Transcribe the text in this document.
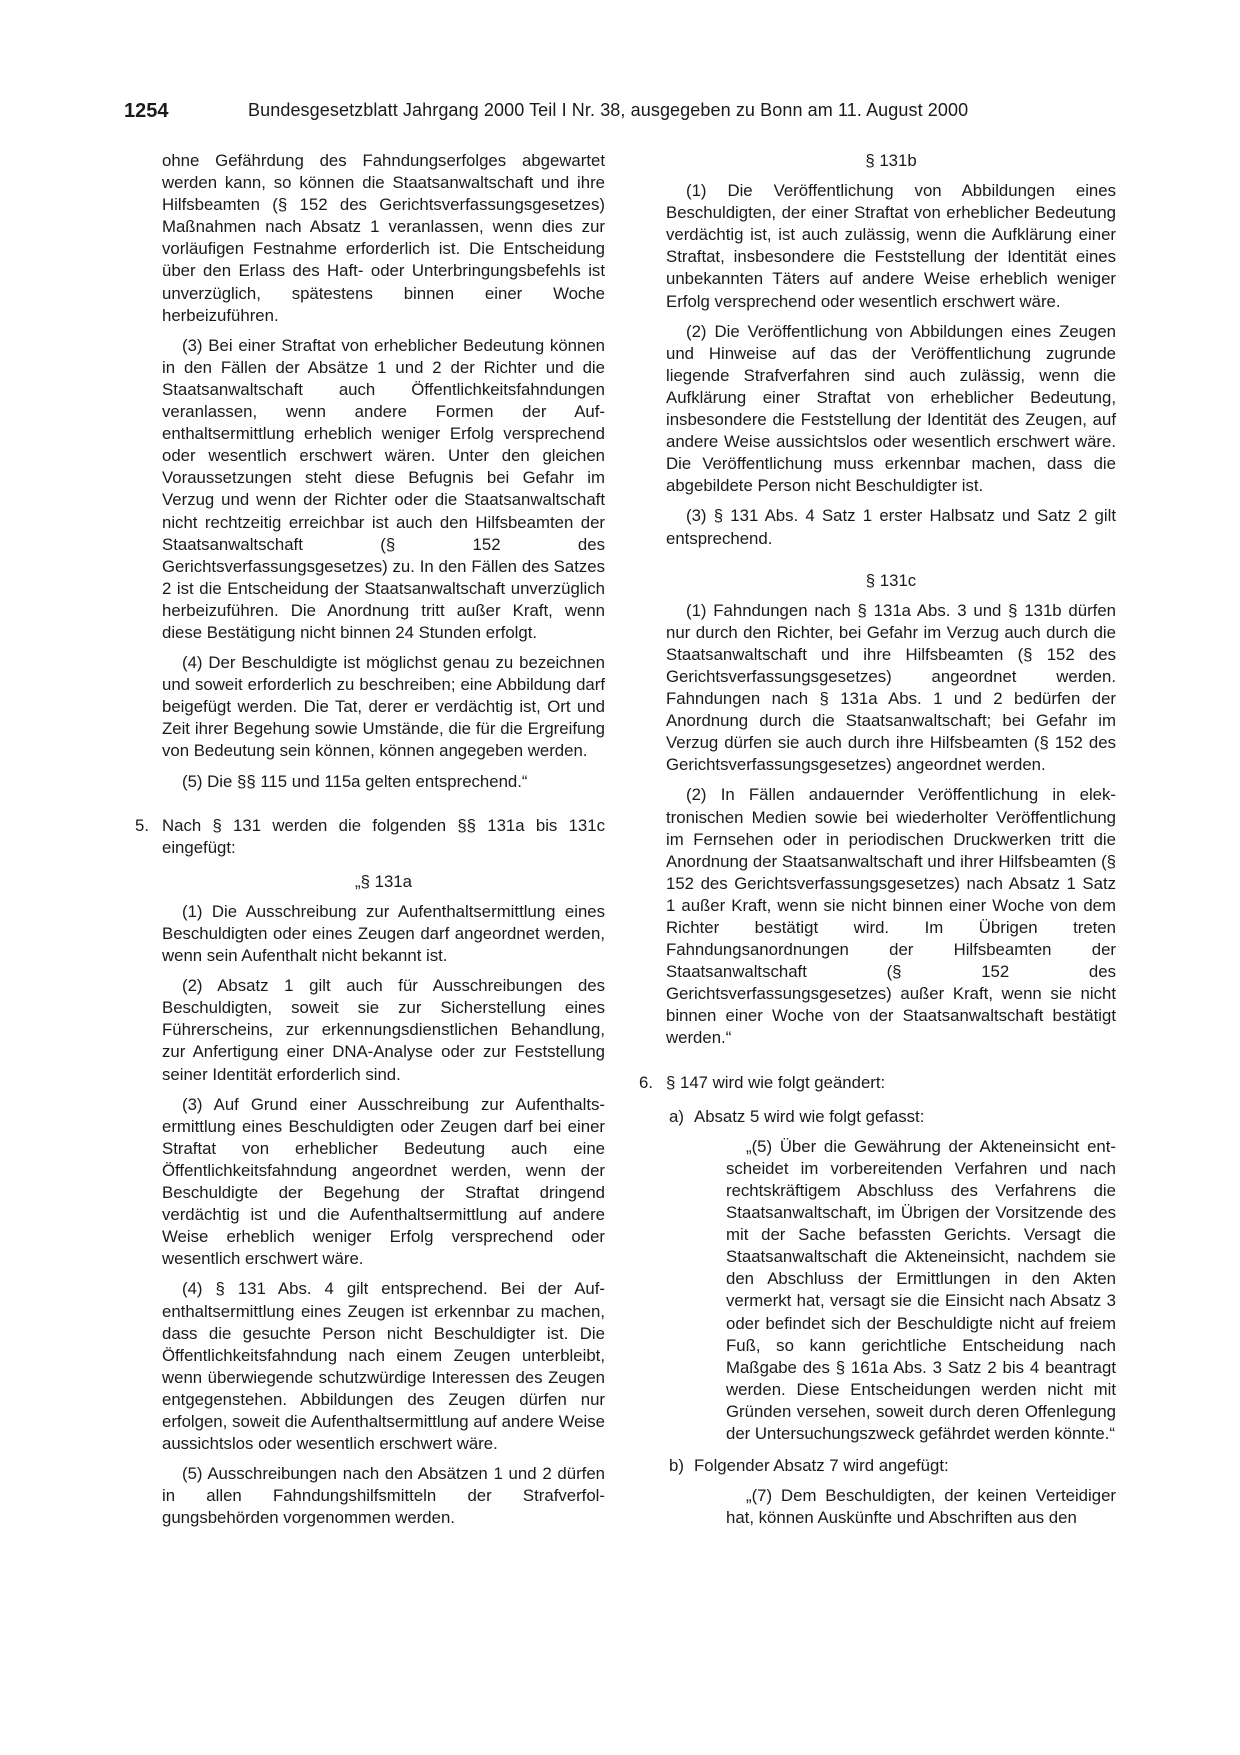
1254	Bundesgesetzblatt Jahrgang 2000 Teil I Nr. 38, ausgegeben zu Bonn am 11. August 2000

ohne Gefährdung des Fahndungserfolges abgewartet werden kann, so können die Staatsanwaltschaft und ihre Hilfsbeamten (§ 152 des Gerichtsverfassungsgesetzes) Maßnahmen nach Absatz 1 veranlassen, wenn dies zur vorläufigen Festnahme erforderlich ist. Die Entscheidung über den Erlass des Haft- oder Unterbringungsbefehls ist unverzüglich, spätestens binnen einer Woche herbeizuführen.

(3) Bei einer Straftat von erheblicher Bedeutung können in den Fällen der Absätze 1 und 2 der Richter und die Staatsanwaltschaft auch Öffentlichkeitsfahndungen veranlassen, wenn andere Formen der Aufenthaltsermittlung erheblich weniger Erfolg versprechend oder wesentlich erschwert wären. Unter den gleichen Voraussetzungen steht diese Befugnis bei Gefahr im Verzug und wenn der Richter oder die Staatsanwaltschaft nicht rechtzeitig erreichbar ist auch den Hilfsbeamten der Staatsanwaltschaft (§ 152 des Gerichtsverfassungsgesetzes) zu. In den Fällen des Satzes 2 ist die Entscheidung der Staatsanwaltschaft unverzüglich herbeizuführen. Die Anordnung tritt außer Kraft, wenn diese Bestätigung nicht binnen 24 Stunden erfolgt.

(4) Der Beschuldigte ist möglichst genau zu bezeichnen und soweit erforderlich zu beschreiben; eine Abbildung darf beigefügt werden. Die Tat, derer er verdächtig ist, Ort und Zeit ihrer Begehung sowie Umstände, die für die Ergreifung von Bedeutung sein können, können angegeben werden.

(5) Die §§ 115 und 115a gelten entsprechend.“

5. Nach § 131 werden die folgenden §§ 131a bis 131c eingefügt:

„§ 131a

(1) Die Ausschreibung zur Aufenthaltsermittlung eines Beschuldigten oder eines Zeugen darf angeordnet werden, wenn sein Aufenthalt nicht bekannt ist.

(2) Absatz 1 gilt auch für Ausschreibungen des Beschuldigten, soweit sie zur Sicherstellung eines Führerscheins, zur erkennungsdienstlichen Behandlung, zur Anfertigung einer DNA-Analyse oder zur Feststellung seiner Identität erforderlich sind.

(3) Auf Grund einer Ausschreibung zur Aufenthaltsermittlung eines Beschuldigten oder Zeugen darf bei einer Straftat von erheblicher Bedeutung auch eine Öffentlichkeitsfahndung angeordnet werden, wenn der Beschuldigte der Begehung der Straftat dringend verdächtig ist und die Aufenthaltsermittlung auf andere Weise erheblich weniger Erfolg versprechend oder wesentlich erschwert wäre.

(4) § 131 Abs. 4 gilt entsprechend. Bei der Aufenthaltsermittlung eines Zeugen ist erkennbar zu machen, dass die gesuchte Person nicht Beschuldigter ist. Die Öffentlichkeitsfahndung nach einem Zeugen unterbleibt, wenn überwiegende schutzwürdige Interessen des Zeugen entgegenstehen. Abbildungen des Zeugen dürfen nur erfolgen, soweit die Aufenthaltsermittlung auf andere Weise aussichtslos oder wesentlich erschwert wäre.

(5) Ausschreibungen nach den Absätzen 1 und 2 dürfen in allen Fahndungshilfsmitteln der Strafverfolgungsbehörden vorgenommen werden.

§ 131b

(1) Die Veröffentlichung von Abbildungen eines Beschuldigten, der einer Straftat von erheblicher Bedeutung verdächtig ist, ist auch zulässig, wenn die Aufklärung einer Straftat, insbesondere die Feststellung der Identität eines unbekannten Täters auf andere Weise erheblich weniger Erfolg versprechend oder wesentlich erschwert wäre.

(2) Die Veröffentlichung von Abbildungen eines Zeugen und Hinweise auf das der Veröffentlichung zugrunde liegende Strafverfahren sind auch zulässig, wenn die Aufklärung einer Straftat von erheblicher Bedeutung, insbesondere die Feststellung der Identität des Zeugen, auf andere Weise aussichtslos oder wesentlich erschwert wäre. Die Veröffentlichung muss erkennbar machen, dass die abgebildete Person nicht Beschuldigter ist.

(3) § 131 Abs. 4 Satz 1 erster Halbsatz und Satz 2 gilt entsprechend.

§ 131c

(1) Fahndungen nach § 131a Abs. 3 und § 131b dürfen nur durch den Richter, bei Gefahr im Verzug auch durch die Staatsanwaltschaft und ihre Hilfsbeamten (§ 152 des Gerichtsverfassungsgesetzes) angeordnet werden. Fahndungen nach § 131a Abs. 1 und 2 bedürfen der Anordnung durch die Staatsanwaltschaft; bei Gefahr im Verzug dürfen sie auch durch ihre Hilfsbeamten (§ 152 des Gerichtsverfassungsgesetzes) angeordnet werden.

(2) In Fällen andauernder Veröffentlichung in elektronischen Medien sowie bei wiederholter Veröffentlichung im Fernsehen oder in periodischen Druckwerken tritt die Anordnung der Staatsanwaltschaft und ihrer Hilfsbeamten (§ 152 des Gerichtsverfassungsgesetzes) nach Absatz 1 Satz 1 außer Kraft, wenn sie nicht binnen einer Woche von dem Richter bestätigt wird. Im Übrigen treten Fahndungsanordnungen der Hilfsbeamten der Staatsanwaltschaft (§ 152 des Gerichtsverfassungsgesetzes) außer Kraft, wenn sie nicht binnen einer Woche von der Staatsanwaltschaft bestätigt werden.“

6. § 147 wird wie folgt geändert:

a) Absatz 5 wird wie folgt gefasst:

„(5) Über die Gewährung der Akteneinsicht entscheidet im vorbereitenden Verfahren und nach rechtskräftigem Abschluss des Verfahrens die Staatsanwaltschaft, im Übrigen der Vorsitzende des mit der Sache befassten Gerichts. Versagt die Staatsanwaltschaft die Akteneinsicht, nachdem sie den Abschluss der Ermittlungen in den Akten vermerkt hat, versagt sie die Einsicht nach Absatz 3 oder befindet sich der Beschuldigte nicht auf freiem Fuß, so kann gerichtliche Entscheidung nach Maßgabe des § 161a Abs. 3 Satz 2 bis 4 beantragt werden. Diese Entscheidungen werden nicht mit Gründen versehen, soweit durch deren Offenlegung der Untersuchungszweck gefährdet werden könnte.“

b) Folgender Absatz 7 wird angefügt:

„(7) Dem Beschuldigten, der keinen Verteidiger hat, können Auskünfte und Abschriften aus den
